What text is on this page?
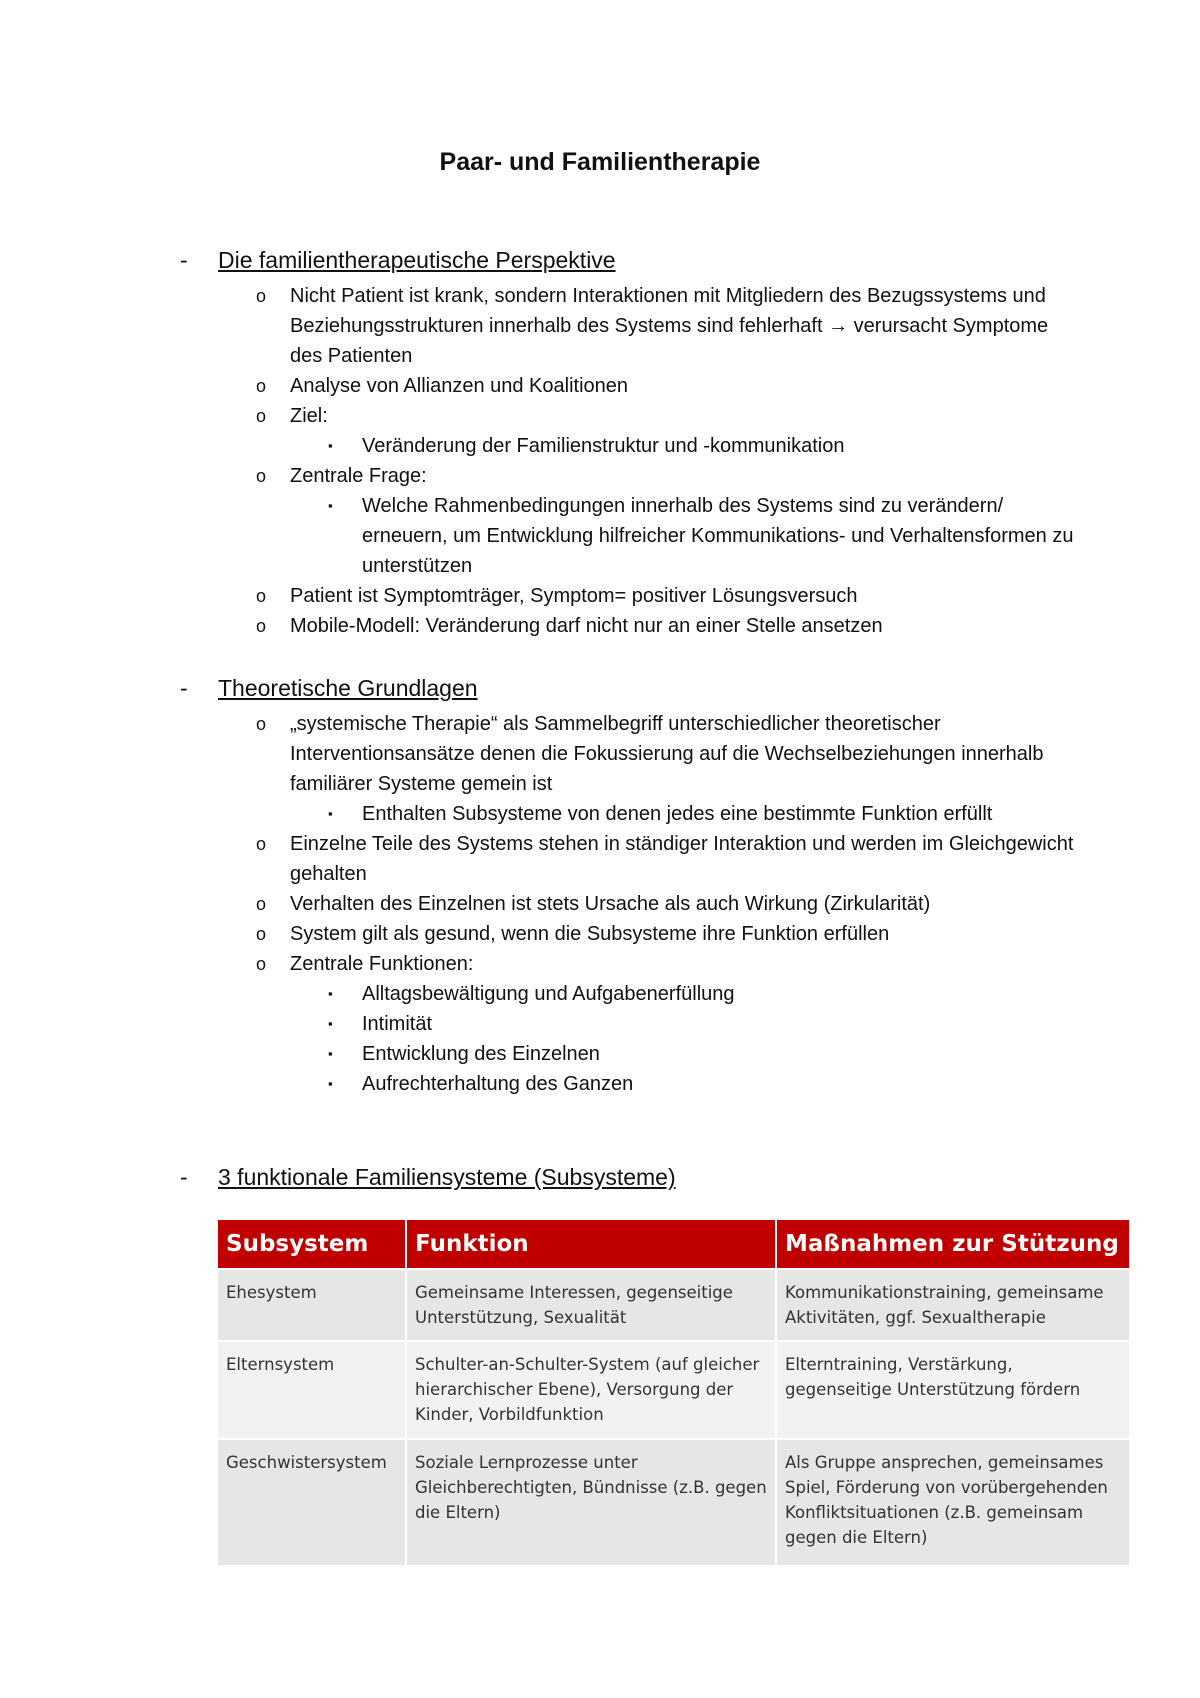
Paar- und Familientherapie
- Die familientherapeutische Perspektive
o Nicht Patient ist krank, sondern Interaktionen mit Mitgliedern des Bezugssystems und Beziehungsstrukturen innerhalb des Systems sind fehlerhaft → verursacht Symptome des Patienten
o Analyse von Allianzen und Koalitionen
o Ziel:
▪ Veränderung der Familienstruktur und -kommunikation
o Zentrale Frage:
▪ Welche Rahmenbedingungen innerhalb des Systems sind zu verändern/ erneuern, um Entwicklung hilfreicher Kommunikations- und Verhaltensformen zu unterstützen
o Patient ist Symptomträger, Symptom= positiver Lösungsversuch
o Mobile-Modell: Veränderung darf nicht nur an einer Stelle ansetzen
- Theoretische Grundlagen
o „systemische Therapie“ als Sammelbegriff unterschiedlicher theoretischer Interventionsansätze denen die Fokussierung auf die Wechselbeziehungen innerhalb familiärer Systeme gemein ist
▪ Enthalten Subsysteme von denen jedes eine bestimmte Funktion erfüllt
o Einzelne Teile des Systems stehen in ständiger Interaktion und werden im Gleichgewicht gehalten
o Verhalten des Einzelnen ist stets Ursache als auch Wirkung (Zirkularität)
o System gilt als gesund, wenn die Subsysteme ihre Funktion erfüllen
o Zentrale Funktionen:
▪ Alltagsbewältigung und Aufgabenerfüllung
▪ Intimität
▪ Entwicklung des Einzelnen
▪ Aufrechterhaltung des Ganzen
- 3 funktionale Familiensysteme (Subsysteme)
Subsystem	Funktion	Maßnahmen zur Stützung
Ehesystem	Gemeinsame Interessen, gegenseitige Unterstützung, Sexualität	Kommunikationstraining, gemeinsame Aktivitäten, ggf. Sexualtherapie
Elternsystem	Schulter-an-Schulter-System (auf gleicher hierarchischer Ebene), Versorgung der Kinder, Vorbildfunktion	Elterntraining, Verstärkung, gegenseitige Unterstützung fördern
Geschwistersystem	Soziale Lernprozesse unter Gleichberechtigten, Bündnisse (z.B. gegen die Eltern)	Als Gruppe ansprechen, gemeinsames Spiel, Förderung von vorübergehenden Konfliktsituationen (z.B. gemeinsam gegen die Eltern)
